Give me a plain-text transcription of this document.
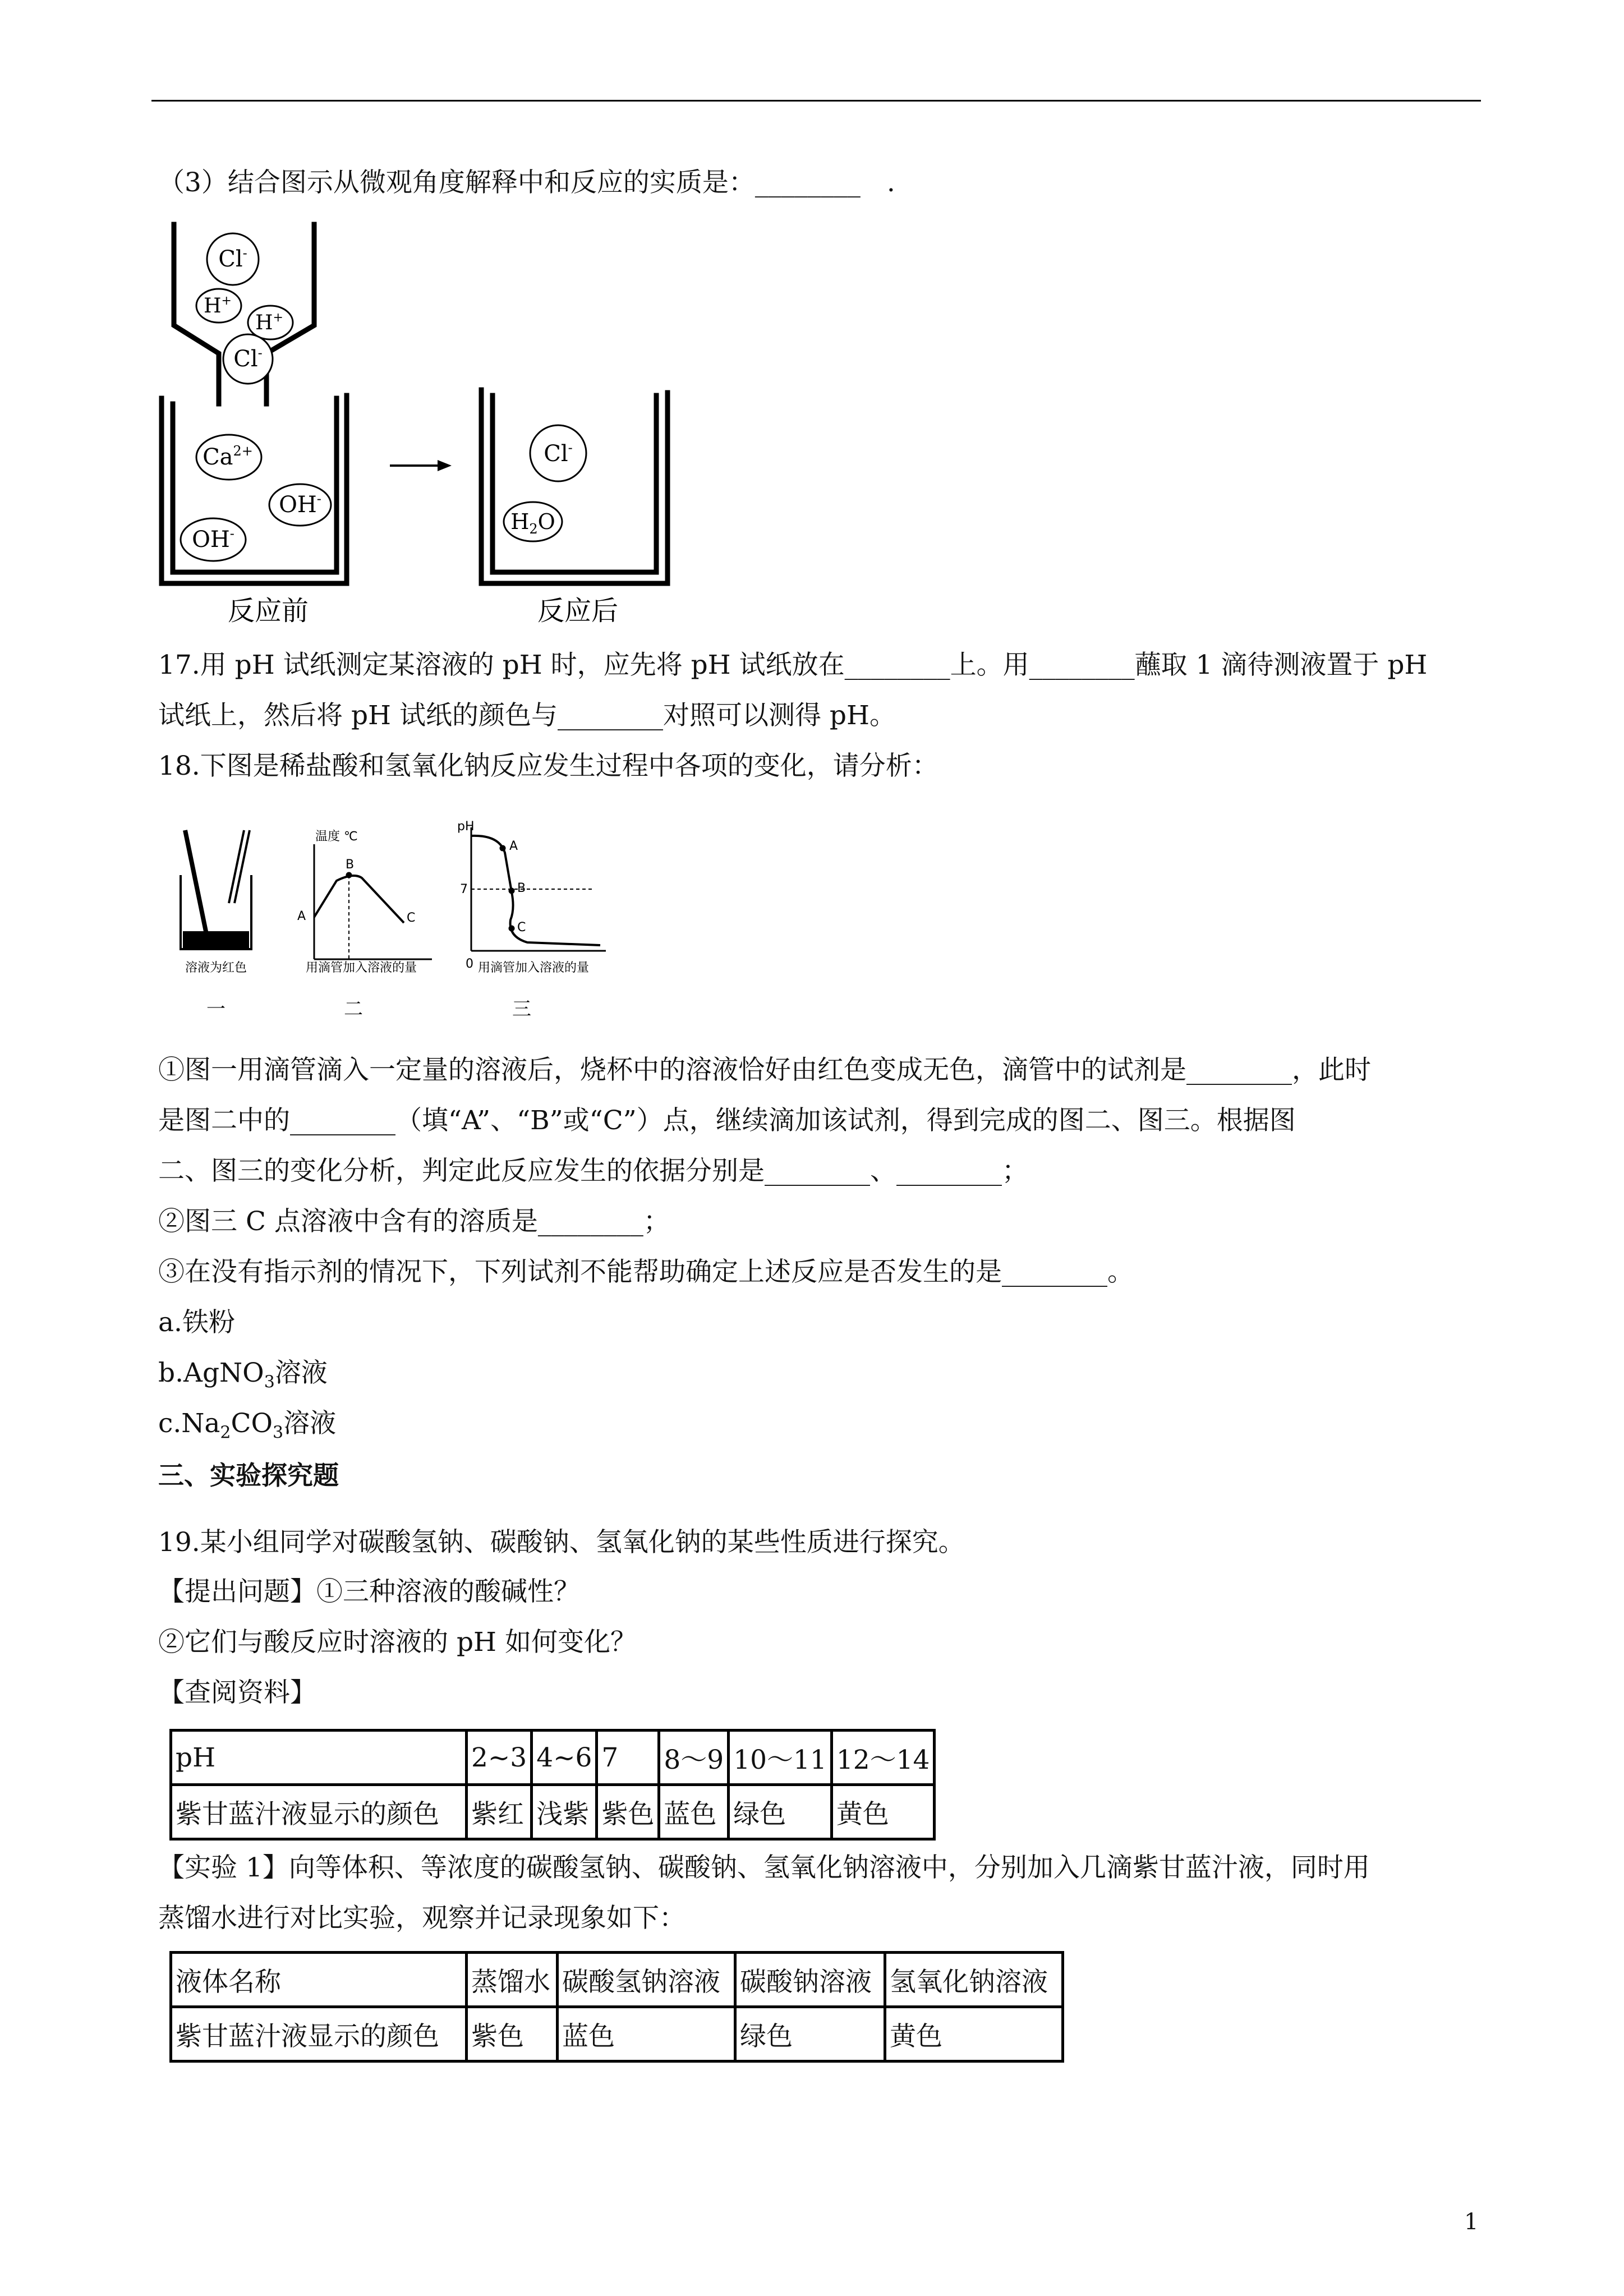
（3）结合图示从微观角度解释中和反应的实质是：________　.
Cl-
H+
H+
Cl-
$Ca^{2+}$
OH-
OH-
Cl-
$H_2O$
反应前	反应后
17.用 pH 试纸测定某溶液的 pH 时，应先将 pH 试纸放在________上。用________蘸取 1 滴待测液置于 pH
试纸上，然后将 pH 试纸的颜色与________对照可以测得 pH。
18.下图是稀盐酸和氢氧化钠反应发生过程中各项的变化，请分析：
溶液为红色
一
温度 ℃
A
B
C
用滴管加入溶液的量
二
pH
7
0
A
B
C
用滴管加入溶液的量
三
①图一用滴管滴入一定量的溶液后，烧杯中的溶液恰好由红色变成无色，滴管中的试剂是________，此时
是图二中的________（填“A”、“B”或“C”）点，继续滴加该试剂，得到完成的图二、图三。根据图
二、图三的变化分析，判定此反应发生的依据分别是________、________；
②图三 C 点溶液中含有的溶质是________；
③在没有指示剂的情况下，下列试剂不能帮助确定上述反应是否发生的是________。
a.铁粉
b.AgNO$_3$溶液
$c.Na_2CO_3$溶液
三、实验探究题
19.某小组同学对碳酸氢钠、碳酸钠、氢氧化钠的某些性质进行探究。
【提出问题】①三种溶液的酸碱性？
②它们与酸反应时溶液的 pH 如何变化？
【查阅资料】
pH	2~3	4~6	7	8～9	10～11	12～14
紫甘蓝汁液显示的颜色	紫红	浅紫	紫色	蓝色	绿色	黄色
【实验 1】向等体积、等浓度的碳酸氢钠、碳酸钠、氢氧化钠溶液中，分别加入几滴紫甘蓝汁液，同时用
蒸馏水进行对比实验，观察并记录现象如下：
液体名称	蒸馏水	碳酸氢钠溶液	碳酸钠溶液	氢氧化钠溶液
紫甘蓝汁液显示的颜色	紫色	蓝色	绿色	黄色
1
